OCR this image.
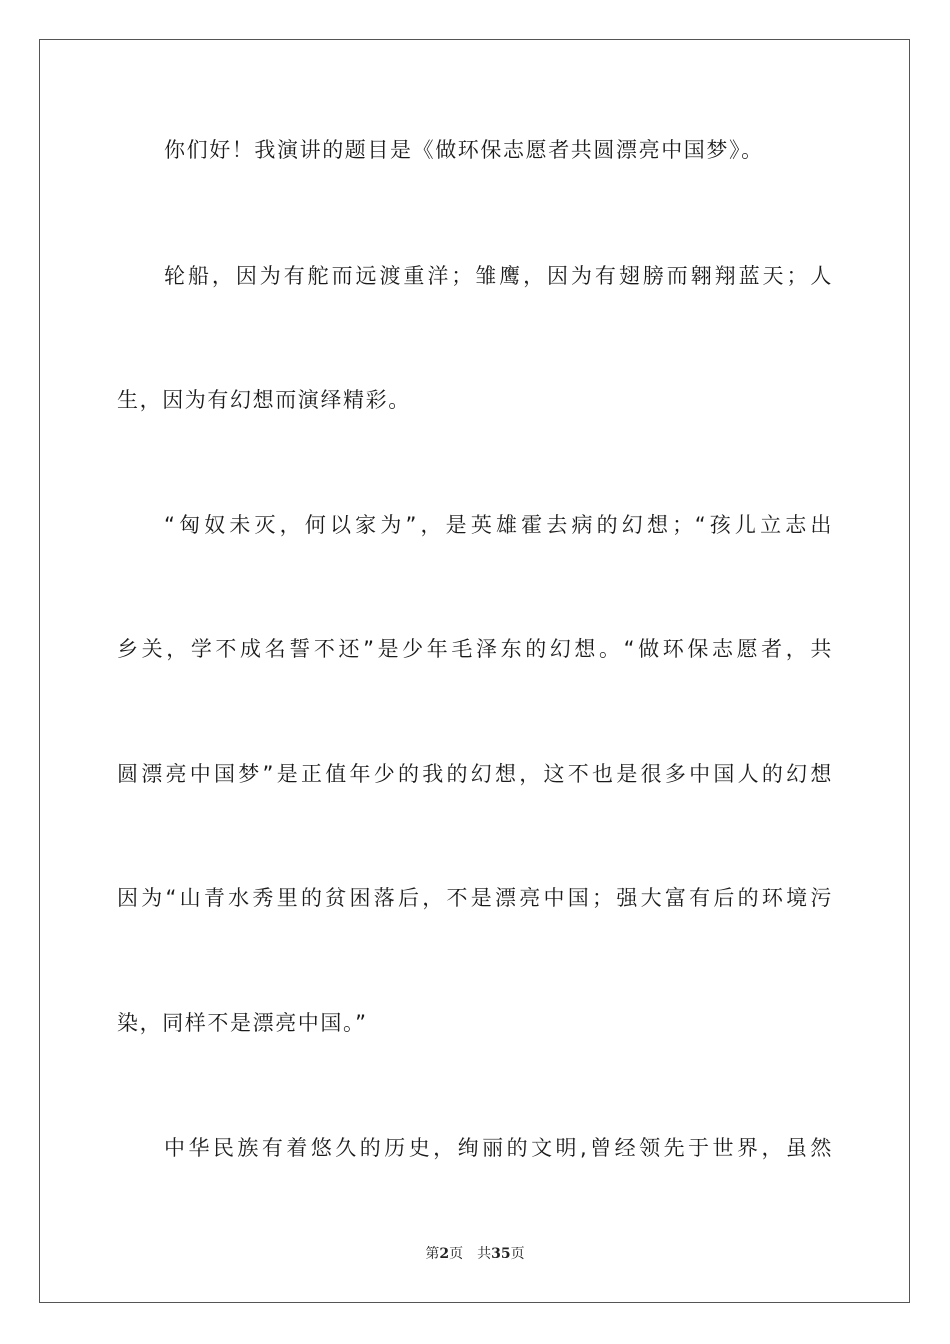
你们好！我演讲的题目是《做环保志愿者共圆漂亮中国梦》。
轮船，因为有舵而远渡重洋；雏鹰，因为有翅膀而翱翔蓝天；人
生，因为有幻想而演绎精彩。
“匈奴未灭，何以家为”，是英雄霍去病的幻想；“孩儿立志出
乡关，学不成名誓不还”是少年毛泽东的幻想。“做环保志愿者，共
圆漂亮中国梦”是正值年少的我的幻想，这不也是很多中国人的幻想
因为“山青水秀里的贫困落后，不是漂亮中国；强大富有后的环境污
染，同样不是漂亮中国。”
中华民族有着悠久的历史，绚丽的文明,曾经领先于世界，虽然
第2页 共35页
